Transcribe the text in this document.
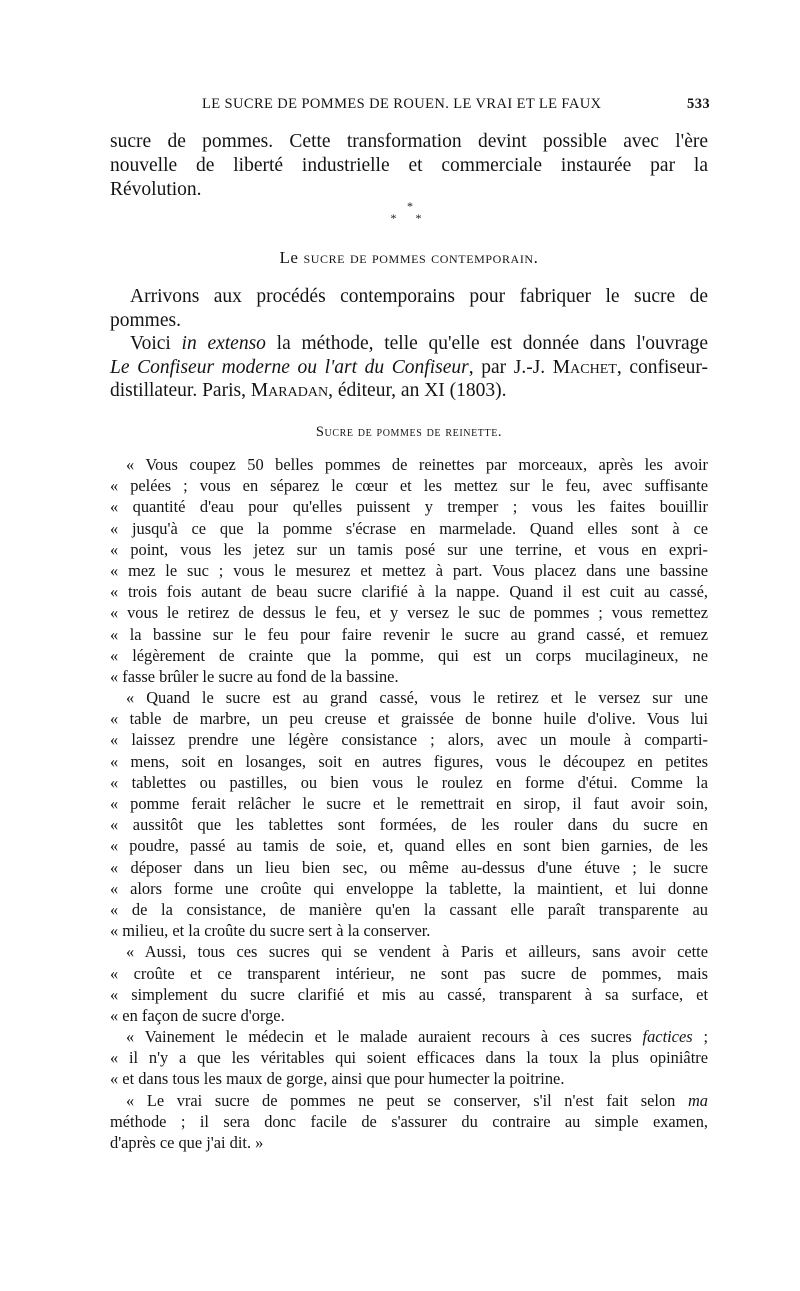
LE SUCRE DE POMMES DE ROUEN. LE VRAI ET LE FAUX	533

sucre de pommes. Cette transformation devint possible avec l'ère

nouvelle de liberté industrielle et commerciale instaurée par la

Révolution.

*
* *
Le sucre de pommes contemporain.

Arrivons aux procédés contemporains pour fabriquer le sucre de

pommes.

Voici in extenso la méthode, telle qu'elle est donnée dans l'ouvrage

Le Confiseur moderne ou l'art du Confiseur, par J.-J. Machet, confiseur-

distillateur. Paris, Maradan, éditeur, an XI (1803).

Sucre de pommes de reinette.
« Vous coupez 50 belles pommes de reinettes par morceaux, après les avoir
« pelées ; vous en séparez le cœur et les mettez sur le feu, avec suffisante
« quantité d'eau pour qu'elles puissent y tremper ; vous les faites bouillir
« jusqu'à ce que la pomme s'écrase en marmelade. Quand elles sont à ce
« point, vous les jetez sur un tamis posé sur une terrine, et vous en expri-
« mez le suc ; vous le mesurez et mettez à part. Vous placez dans une bassine
« trois fois autant de beau sucre clarifié à la nappe. Quand il est cuit au cassé,
« vous le retirez de dessus le feu, et y versez le suc de pommes ; vous remettez
« la bassine sur le feu pour faire revenir le sucre au grand cassé, et remuez
« légèrement de crainte que la pomme, qui est un corps mucilagineux, ne
« fasse brûler le sucre au fond de la bassine.
« Quand le sucre est au grand cassé, vous le retirez et le versez sur une
« table de marbre, un peu creuse et graissée de bonne huile d'olive. Vous lui
« laissez prendre une légère consistance ; alors, avec un moule à comparti-
« mens, soit en losanges, soit en autres figures, vous le découpez en petites
« tablettes ou pastilles, ou bien vous le roulez en forme d'étui. Comme la
« pomme ferait relâcher le sucre et le remettrait en sirop, il faut avoir soin,
« aussitôt que les tablettes sont formées, de les rouler dans du sucre en
« poudre, passé au tamis de soie, et, quand elles en sont bien garnies, de les
« déposer dans un lieu bien sec, ou même au-dessus d'une étuve ; le sucre
« alors forme une croûte qui enveloppe la tablette, la maintient, et lui donne
« de la consistance, de manière qu'en la cassant elle paraît transparente au
« milieu, et la croûte du sucre sert à la conserver.
« Aussi, tous ces sucres qui se vendent à Paris et ailleurs, sans avoir cette
« croûte et ce transparent intérieur, ne sont pas sucre de pommes, mais
« simplement du sucre clarifié et mis au cassé, transparent à sa surface, et
« en façon de sucre d'orge.
« Vainement le médecin et le malade auraient recours à ces sucres factices ;
« il n'y a que les véritables qui soient efficaces dans la toux la plus opiniâtre
« et dans tous les maux de gorge, ainsi que pour humecter la poitrine.
« Le vrai sucre de pommes ne peut se conserver, s'il n'est fait selon ma
méthode ; il sera donc facile de s'assurer du contraire au simple examen,
d'après ce que j'ai dit. »
